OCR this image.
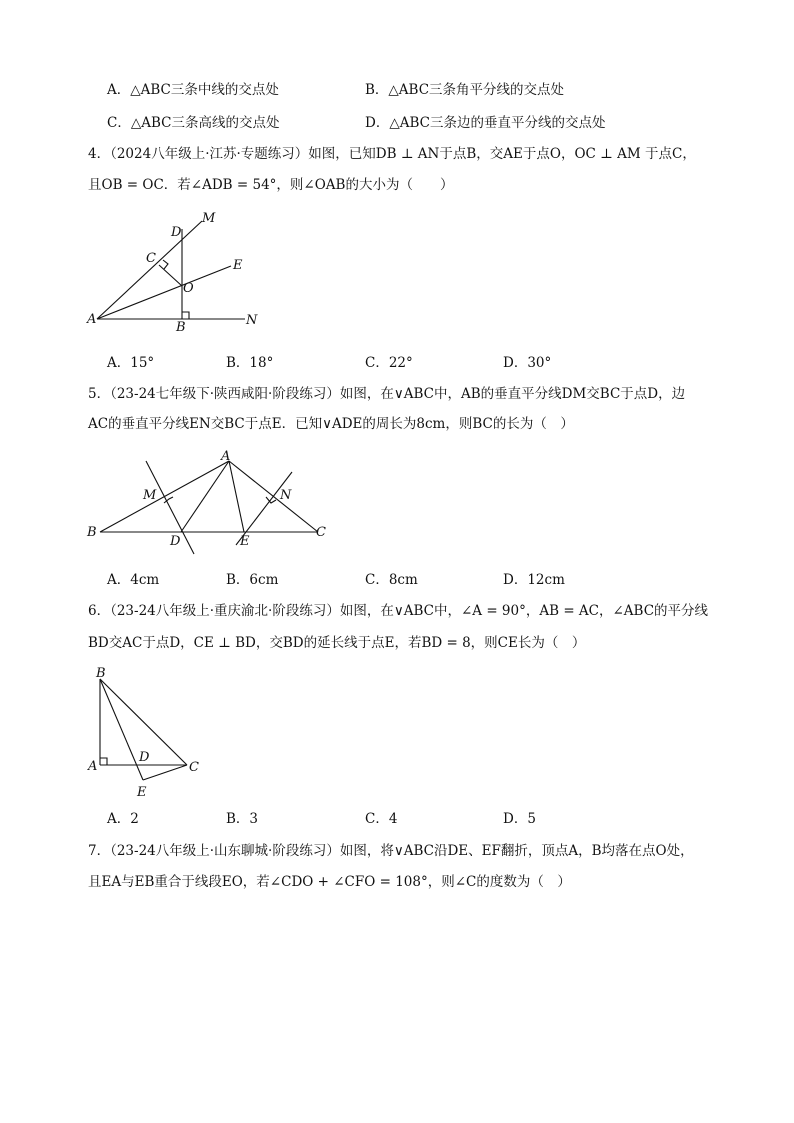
A．△ABC三条中线的交点处	B．△ABC三条角平分线的交点处
C．△ABC三条高线的交点处	D．△ABC三条边的垂直平分线的交点处
4．（2024八年级上·江苏·专题练习）如图，已知DB ⊥ AN于点B，交AE于点O，OC ⊥ AM 于点C，
且OB = OC．若∠ADB = 54°，则∠OAB的大小为（　　）
D
M
C	E
O
A
B	N
A．15°	B．18°	C．22°	D．30°
5．（23-24七年级下·陕西咸阳·阶段练习）如图，在∨ABC中，AB的垂直平分线DM交BC于点D，边
AC的垂直平分线EN交BC于点E．已知∨ADE的周长为8cm，则BC的长为（　）
A
M	N
B
D	E
C
A．4cm	B．6cm	C．8cm	D．12cm
6．（23-24八年级上·重庆渝北·阶段练习）如图，在∨ABC中，∠A = 90°，AB = AC，∠ABC的平分线
BD交AC于点D，CE ⊥ BD，交BD的延长线于点E，若BD = 8，则CE长为（　）
B
A
D
C
E
A．2	B．3	C．4	D．5
7．（23-24八年级上·山东聊城·阶段练习）如图，将∨ABC沿DE、EF翻折，顶点A，B均落在点O处，
且EA与EB重合于线段EO，若∠CDO + ∠CFO = 108°，则∠C的度数为（　）
